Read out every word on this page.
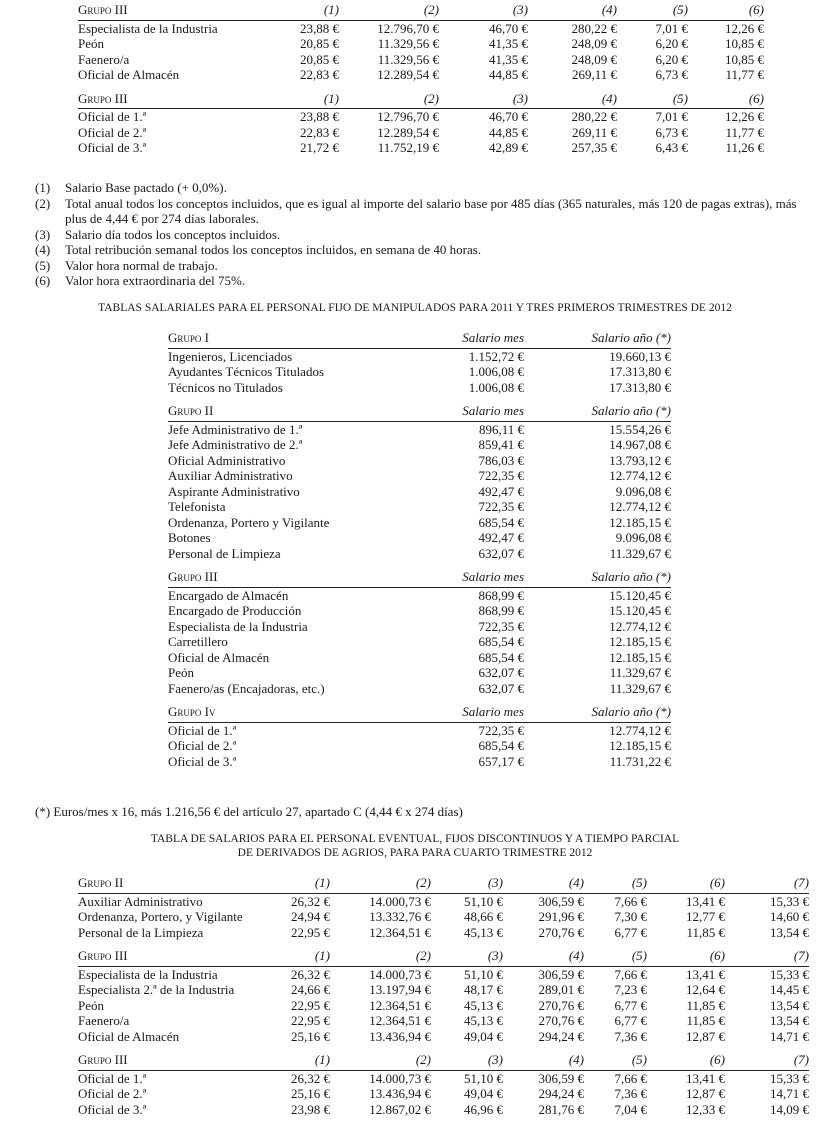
Grupo III	(1)	(2)	(3)	(4)	(5)	(6)
Especialista de la Industria	23,88 €	12.796,70 €	46,70 €	280,22 €	7,01 €	12,26 €
Peón	20,85 €	11.329,56 €	41,35 €	248,09 €	6,20 €	10,85 €
Faenero/a	20,85 €	11.329,56 €	41,35 €	248,09 €	6,20 €	10,85 €
Oficial de Almacén	22,83 €	12.289,54 €	44,85 €	269,11 €	6,73 €	11,77 €

Grupo III	(1)	(2)	(3)	(4)	(5)	(6)
Oficial de 1.ª	23,88 €	12.796,70 €	46,70 €	280,22 €	7,01 €	12,26 €
Oficial de 2.ª	22,83 €	12.289,54 €	44,85 €	269,11 €	6,73 €	11,77 €
Oficial de 3.ª	21,72 €	11.752,19 €	42,89 €	257,35 €	6,43 €	11,26 €
(1) Salario Base pactado (+ 0,0%).
(2) Total anual todos los conceptos incluidos, que es igual al importe del salario base por 485 días (365 naturales, más 120 de pagas extras), más plus de 4,44 € por 274 días laborales.
(3) Salario día todos los conceptos incluidos.
(4) Total retribución semanal todos los conceptos incluidos, en semana de 40 horas.
(5) Valor hora normal de trabajo.
(6) Valor hora extraordinaria del 75%.
TABLAS SALARIALES PARA EL PERSONAL FIJO DE MANIPULADOS PARA 2011 Y TRES PRIMEROS TRIMESTRES DE 2012
Grupo I	Salario mes	Salario año (*)
Ingenieros, Licenciados	1.152,72 €	19.660,13 €
Ayudantes Técnicos Titulados	1.006,08 €	17.313,80 €
Técnicos no Titulados	1.006,08 €	17.313,80 €

Grupo II	Salario mes	Salario año (*)
Jefe Administrativo de 1.ª	896,11 €	15.554,26 €
Jefe Administrativo de 2.ª	859,41 €	14.967,08 €
Oficial Administrativo	786,03 €	13.793,12 €
Auxiliar Administrativo	722,35 €	12.774,12 €
Aspirante Administrativo	492,47 €	9.096,08 €
Telefonista	722,35 €	12.774,12 €
Ordenanza, Portero y Vigilante	685,54 €	12.185,15 €
Botones	492,47 €	9.096,08 €
Personal de Limpieza	632,07 €	11.329,67 €

Grupo III	Salario mes	Salario año (*)
Encargado de Almacén	868,99 €	15.120,45 €
Encargado de Producción	868,99 €	15.120,45 €
Especialista de la Industria	722,35 €	12.774,12 €
Carretillero	685,54 €	12.185,15 €
Oficial de Almacén	685,54 €	12.185,15 €
Peón	632,07 €	11.329,67 €
Faenero/as (Encajadoras, etc.)	632,07 €	11.329,67 €

Grupo Iv	Salario mes	Salario año (*)
Oficial de 1.ª	722,35 €	12.774,12 €
Oficial de 2.ª	685,54 €	12.185,15 €
Oficial de 3.ª	657,17 €	11.731,22 €
(*) Euros/mes x 16, más 1.216,56 € del artículo 27, apartado C (4,44 € x 274 días)
TABLA DE SALARIOS PARA EL PERSONAL EVENTUAL, FIJOS DISCONTINUOS Y A TIEMPO PARCIAL
DE DERIVADOS DE AGRIOS, PARA PARA CUARTO TRIMESTRE 2012
Grupo II	(1)	(2)	(3)	(4)	(5)	(6)	(7)
Auxiliar Administrativo	26,32 €	14.000,73 €	51,10 €	306,59 €	7,66 €	13,41 €	15,33 €
Ordenanza, Portero, y Vigilante	24,94 €	13.332,76 €	48,66 €	291,96 €	7,30 €	12,77 €	14,60 €
Personal de la Limpieza	22,95 €	12.364,51 €	45,13 €	270,76 €	6,77 €	11,85 €	13,54 €

Grupo III	(1)	(2)	(3)	(4)	(5)	(6)	(7)
Especialista de la Industria	26,32 €	14.000,73 €	51,10 €	306,59 €	7,66 €	13,41 €	15,33 €
Especialista 2.ª de la Industria	24,66 €	13.197,94 €	48,17 €	289,01 €	7,23 €	12,64 €	14,45 €
Peón	22,95 €	12.364,51 €	45,13 €	270,76 €	6,77 €	11,85 €	13,54 €
Faenero/a	22,95 €	12.364,51 €	45,13 €	270,76 €	6,77 €	11,85 €	13,54 €
Oficial de Almacén	25,16 €	13.436,94 €	49,04 €	294,24 €	7,36 €	12,87 €	14,71 €

Grupo III	(1)	(2)	(3)	(4)	(5)	(6)	(7)
Oficial de 1.ª	26,32 €	14.000,73 €	51,10 €	306,59 €	7,66 €	13,41 €	15,33 €
Oficial de 2.ª	25,16 €	13.436,94 €	49,04 €	294,24 €	7,36 €	12,87 €	14,71 €
Oficial de 3.ª	23,98 €	12.867,02 €	46,96 €	281,76 €	7,04 €	12,33 €	14,09 €
